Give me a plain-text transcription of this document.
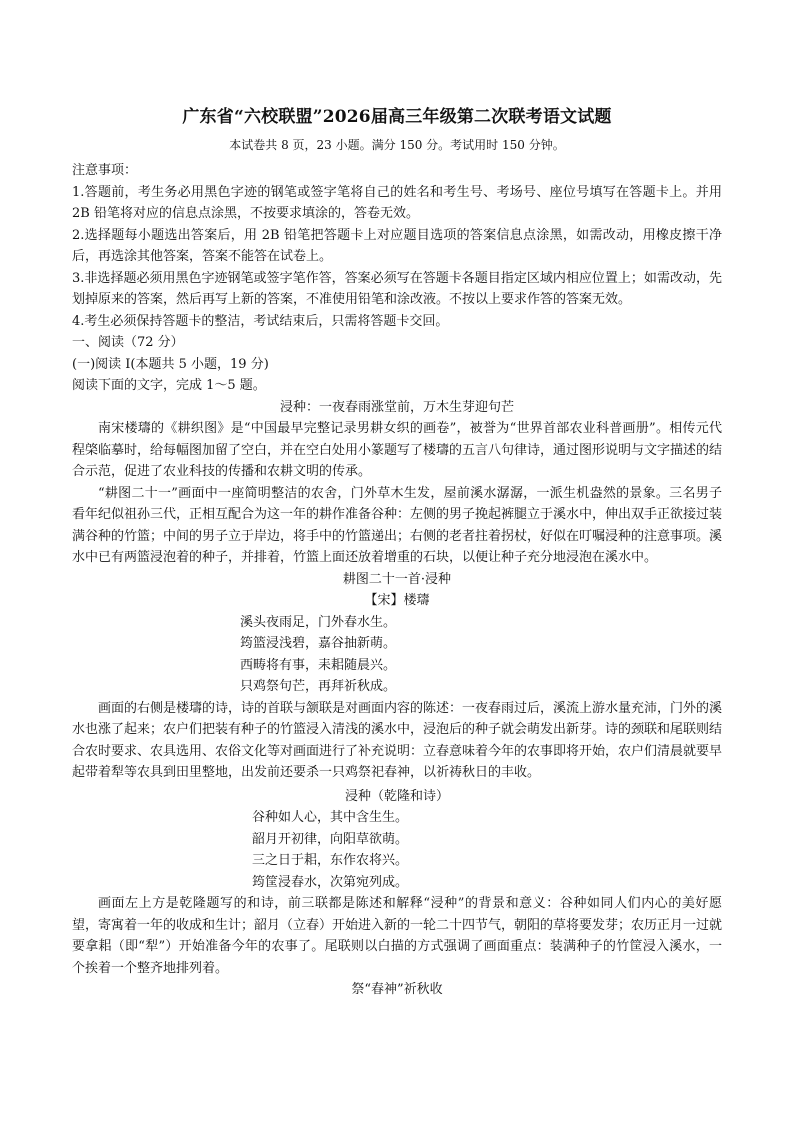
广东省“六校联盟”2026届高三年级第二次联考语文试题

本试卷共 8 页，23 小题。满分 150 分。考试用时 150 分钟。

注意事项：

1.答题前，考生务必用黑色字迹的钢笔或签字笔将自己的姓名和考生号、考场号、座位号填写在答题卡上。并用 2B 铅笔将对应的信息点涂黑，不按要求填涂的，答卷无效。

2.选择题每小题选出答案后，用 2B 铅笔把答题卡上对应题目选项的答案信息点涂黑，如需改动，用橡皮擦干净后，再选涂其他答案，答案不能答在试卷上。

3.非选择题必须用黑色字迹钢笔或签字笔作答，答案必须写在答题卡各题目指定区域内相应位置上；如需改动，先划掉原来的答案，然后再写上新的答案，不准使用铅笔和涂改液。不按以上要求作答的答案无效。

4.考生必须保持答题卡的整洁，考试结束后，只需将答题卡交回。

一、阅读（72 分）

(一)阅读 I(本题共 5 小题，19 分)

阅读下面的文字，完成 1～5 题。

浸种：一夜春雨涨堂前，万木生芽迎句芒

南宋楼璹的《耕织图》是“中国最早完整记录男耕女织的画卷”，被誉为“世界首部农业科普画册”。相传元代程棨临摹时，给每幅图加留了空白，并在空白处用小篆题写了楼璹的五言八句律诗，通过图形说明与文字描述的结合示范，促进了农业科技的传播和农耕文明的传承。

“耕图二十一”画面中一座简明整洁的农舍，门外草木生发，屋前溪水潺潺，一派生机盎然的景象。三名男子看年纪似祖孙三代，正相互配合为这一年的耕作准备谷种：左侧的男子挽起裤腿立于溪水中，伸出双手正欲接过装满谷种的竹篮；中间的男子立于岸边，将手中的竹篮递出；右侧的老者拄着拐杖，好似在叮嘱浸种的注意事项。溪水中已有两篮浸泡着的种子，并排着，竹篮上面还放着增重的石块，以便让种子充分地浸泡在溪水中。

耕图二十一首·浸种

【宋】楼璹

溪头夜雨足，门外春水生。

筠篮浸浅碧，嘉谷抽新萌。

西畴将有事，耒耜随晨兴。

只鸡祭句芒，再拜祈秋成。

画面的右侧是楼璹的诗，诗的首联与颔联是对画面内容的陈述：一夜春雨过后，溪流上游水量充沛，门外的溪水也涨了起来；农户们把装有种子的竹篮浸入清浅的溪水中，浸泡后的种子就会萌发出新芽。诗的颈联和尾联则结合农时要求、农具选用、农俗文化等对画面进行了补充说明：立春意味着今年的农事即将开始，农户们清晨就要早起带着犁等农具到田里整地，出发前还要杀一只鸡祭祀春神，以祈祷秋日的丰收。

浸种（乾隆和诗）

谷种如人心，其中含生生。

韶月开初律，向阳草欲萌。

三之日于耜，东作农将兴。

筠筐浸春水，次第宛列成。

画面左上方是乾隆题写的和诗，前三联都是陈述和解释“浸种”的背景和意义：谷种如同人们内心的美好愿望，寄寓着一年的收成和生计；韶月（立春）开始进入新的一轮二十四节气，朝阳的草将要发芽；农历正月一过就要拿耜（即“犁”）开始准备今年的农事了。尾联则以白描的方式强调了画面重点：装满种子的竹筐浸入溪水，一个挨着一个整齐地排列着。

祭“春神”祈秋收
